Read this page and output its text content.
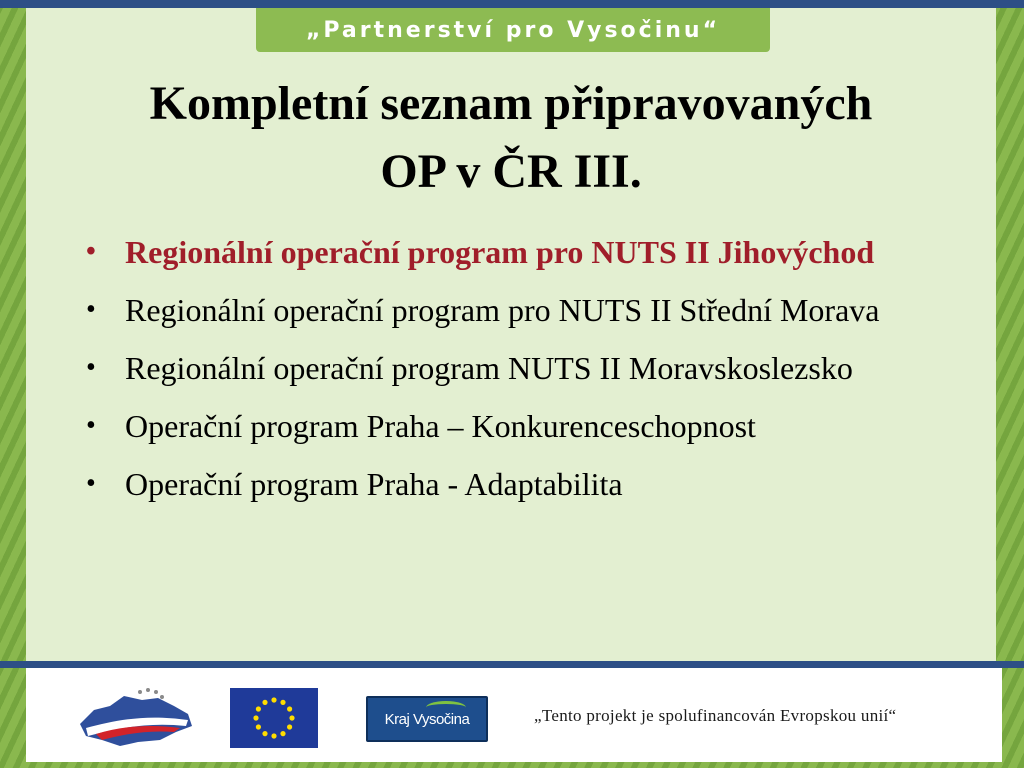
„Partnerství pro Vysočinu“
Kompletní seznam připravovaných
OP v ČR III.
• Regionální operační program pro NUTS II Jihovýchod
• Regionální operační program pro NUTS II Střední Morava
• Regionální operační program NUTS II Moravskoslezsko
• Operační program Praha – Konkurenceschopnost
• Operační program Praha - Adaptabilita
Kraj Vysočina	„Tento projekt je spolufinancován Evropskou unií“
